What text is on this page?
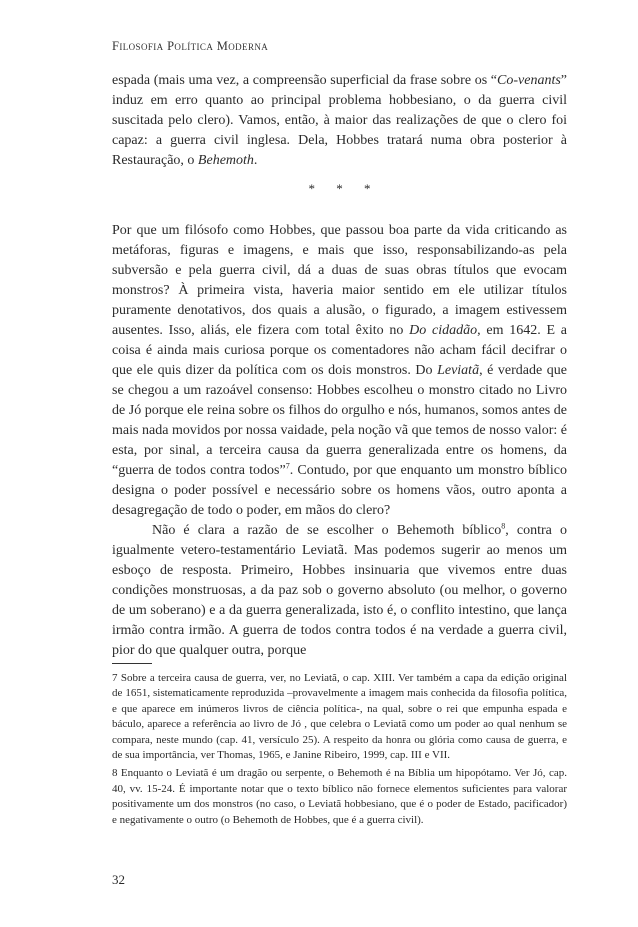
Filosofia Política Moderna

espada (mais uma vez, a compreensão superficial da frase sobre os “Co-venants” induz em erro quanto ao principal problema hobbesiano, o da guerra civil suscitada pelo clero). Vamos, então, à maior das realizações de que o clero foi capaz: a guerra civil inglesa. Dela, Hobbes tratará numa obra posterior à Restauração, o Behemoth.

* * *

Por que um filósofo como Hobbes, que passou boa parte da vida criticando as metáforas, figuras e imagens, e mais que isso, responsabilizando-as pela subversão e pela guerra civil, dá a duas de suas obras títulos que evocam monstros? À primeira vista, haveria maior sentido em ele utilizar títulos puramente denotativos, dos quais a alusão, o figurado, a imagem estivessem ausentes. Isso, aliás, ele fizera com total êxito no Do cidadão, em 1642. E a coisa é ainda mais curiosa porque os comentadores não acham fácil decifrar o que ele quis dizer da política com os dois monstros. Do Leviatã, é verdade que se chegou a um razoável consenso: Hobbes escolheu o monstro citado no Livro de Jó porque ele reina sobre os filhos do orgulho e nós, humanos, somos antes de mais nada movidos por nossa vaidade, pela noção vã que temos de nosso valor: é esta, por sinal, a terceira causa da guerra generalizada entre os homens, da “guerra de todos contra todos”$^7$. Contudo, por que enquanto um monstro bíblico designa o poder possível e necessário sobre os homens vãos, outro aponta a desagregação de todo o poder, em mãos do clero?

Não é clara a razão de se escolher o Behemoth bíblico$^8$, contra o igualmente vetero-testamentário Leviatã. Mas podemos sugerir ao menos um esboço de resposta. Primeiro, Hobbes insinuaria que vivemos entre duas condições monstruosas, a da paz sob o governo absoluto (ou melhor, o governo de um soberano) e a da guerra generalizada, isto é, o conflito intestino, que lança irmão contra irmão. A guerra de todos contra todos é na verdade a guerra civil, pior do que qualquer outra, porque

7 Sobre a terceira causa de guerra, ver, no Leviatã, o cap. XIII. Ver também a capa da edição original de 1651, sistematicamente reproduzida –provavelmente a imagem mais conhecida da filosofia política, e que aparece em inúmeros livros de ciência política-, na qual, sobre o rei que empunha espada e báculo, aparece a referência ao livro de Jó , que celebra o Leviatã como um poder ao qual nenhum se compara, neste mundo (cap. 41, versículo 25). A respeito da honra ou glória como causa de guerra, e de sua importância, ver Thomas, 1965, e Janine Ribeiro, 1999, cap. III e VII.

8 Enquanto o Leviatã é um dragão ou serpente, o Behemoth é na Bíblia um hipopótamo. Ver Jó, cap. 40, vv. 15-24. É importante notar que o texto bíblico não fornece elementos suficientes para valorar positivamente um dos monstros (no caso, o Leviatã hobbesiano, que é o poder de Estado, pacificador) e negativamente o outro (o Behemoth de Hobbes, que é a guerra civil).

32
